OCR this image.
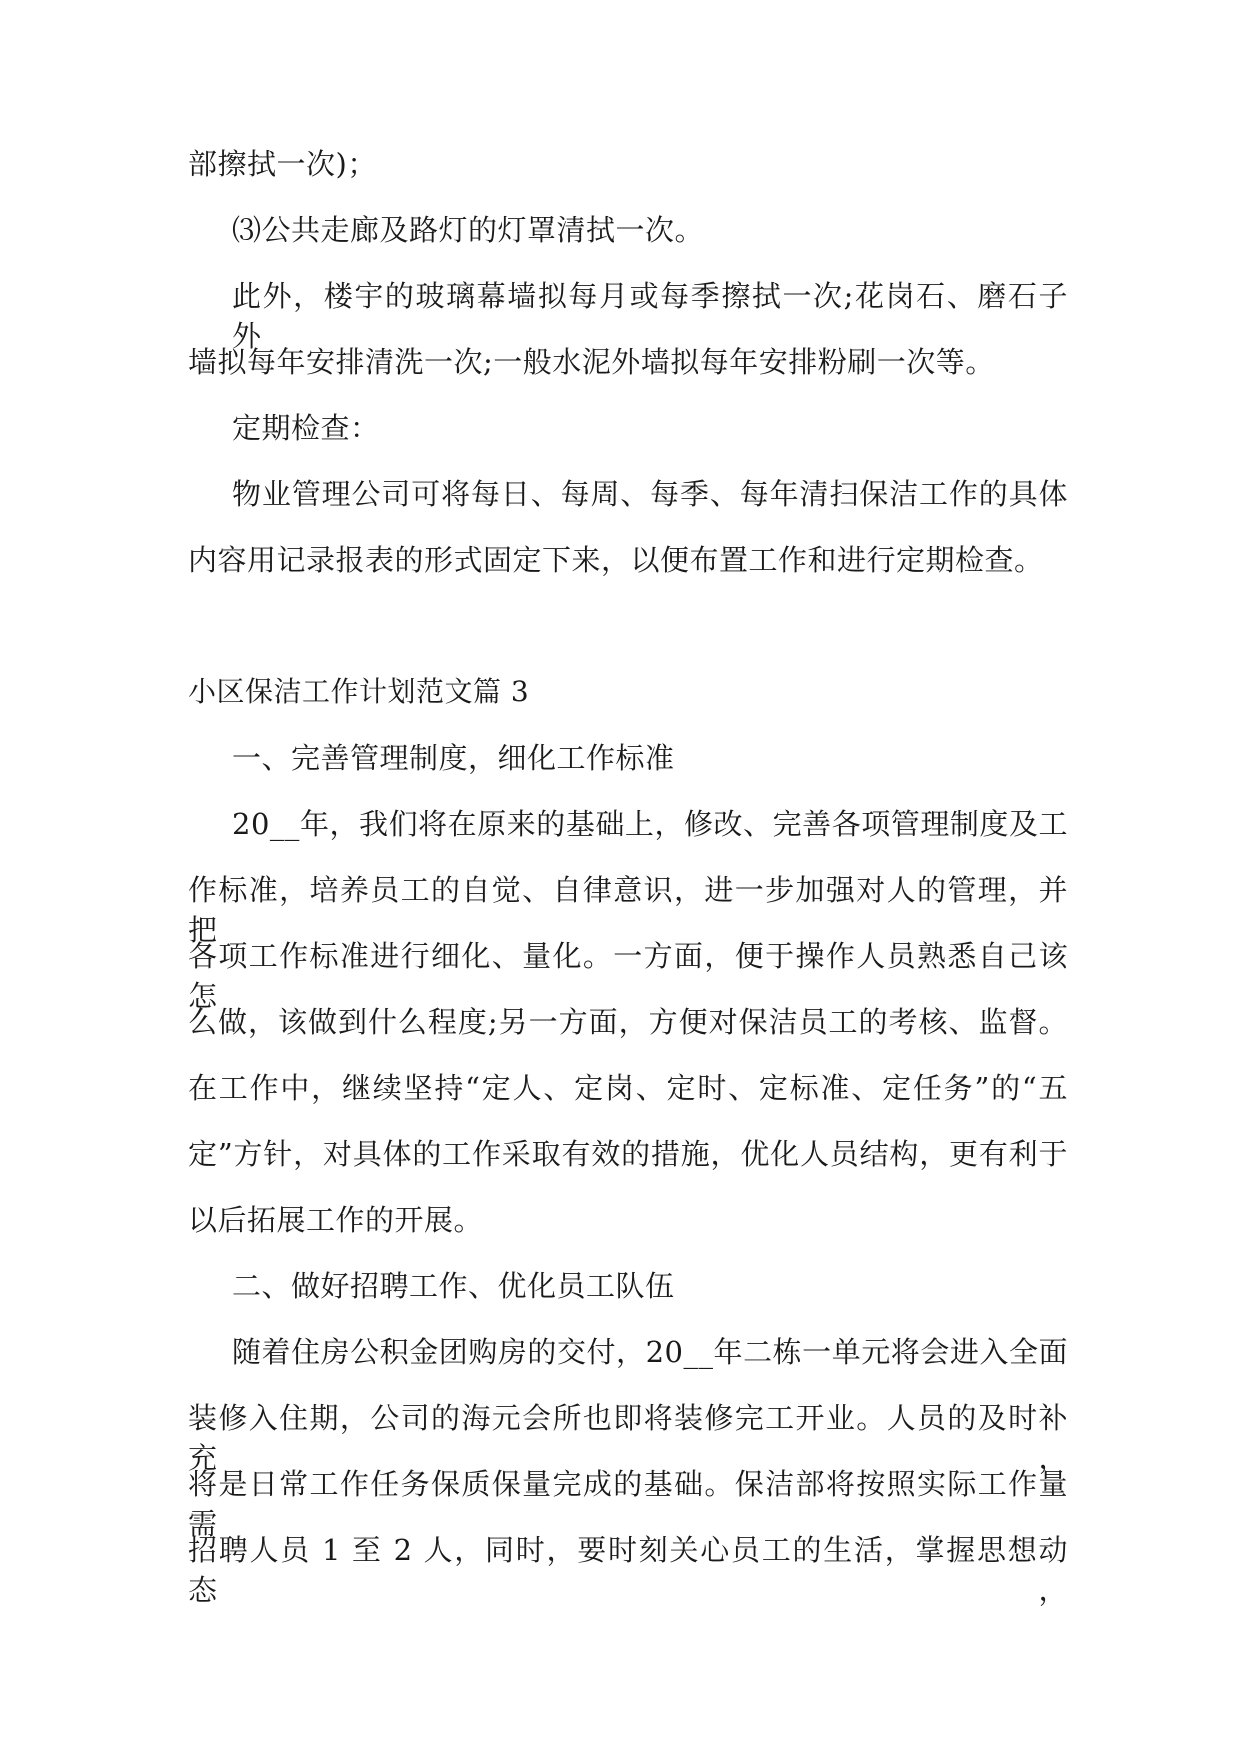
部擦拭一次)；
⑶公共走廊及路灯的灯罩清拭一次。
此外，楼宇的玻璃幕墙拟每月或每季擦拭一次;花岗石、磨石子外
墙拟每年安排清洗一次;一般水泥外墙拟每年安排粉刷一次等。
定期检查：
物业管理公司可将每日、每周、每季、每年清扫保洁工作的具体
内容用记录报表的形式固定下来，以便布置工作和进行定期检查。
小区保洁工作计划范文篇 3
一、完善管理制度，细化工作标准
20__年，我们将在原来的基础上，修改、完善各项管理制度及工
作标准，培养员工的自觉、自律意识，进一步加强对人的管理，并把
各项工作标准进行细化、量化。一方面，便于操作人员熟悉自己该怎
么做，该做到什么程度;另一方面，方便对保洁员工的考核、监督。
在工作中，继续坚持“定人、定岗、定时、定标准、定任务”的“五
定”方针，对具体的工作采取有效的措施，优化人员结构，更有利于
以后拓展工作的开展。
二、做好招聘工作、优化员工队伍
随着住房公积金团购房的交付，20__年二栋一单元将会进入全面
装修入住期，公司的海元会所也即将装修完工开业。人员的及时补充，
将是日常工作任务保质保量完成的基础。保洁部将按照实际工作量需
招聘人员 1 至 2 人，同时，要时刻关心员工的生活，掌握思想动态，
